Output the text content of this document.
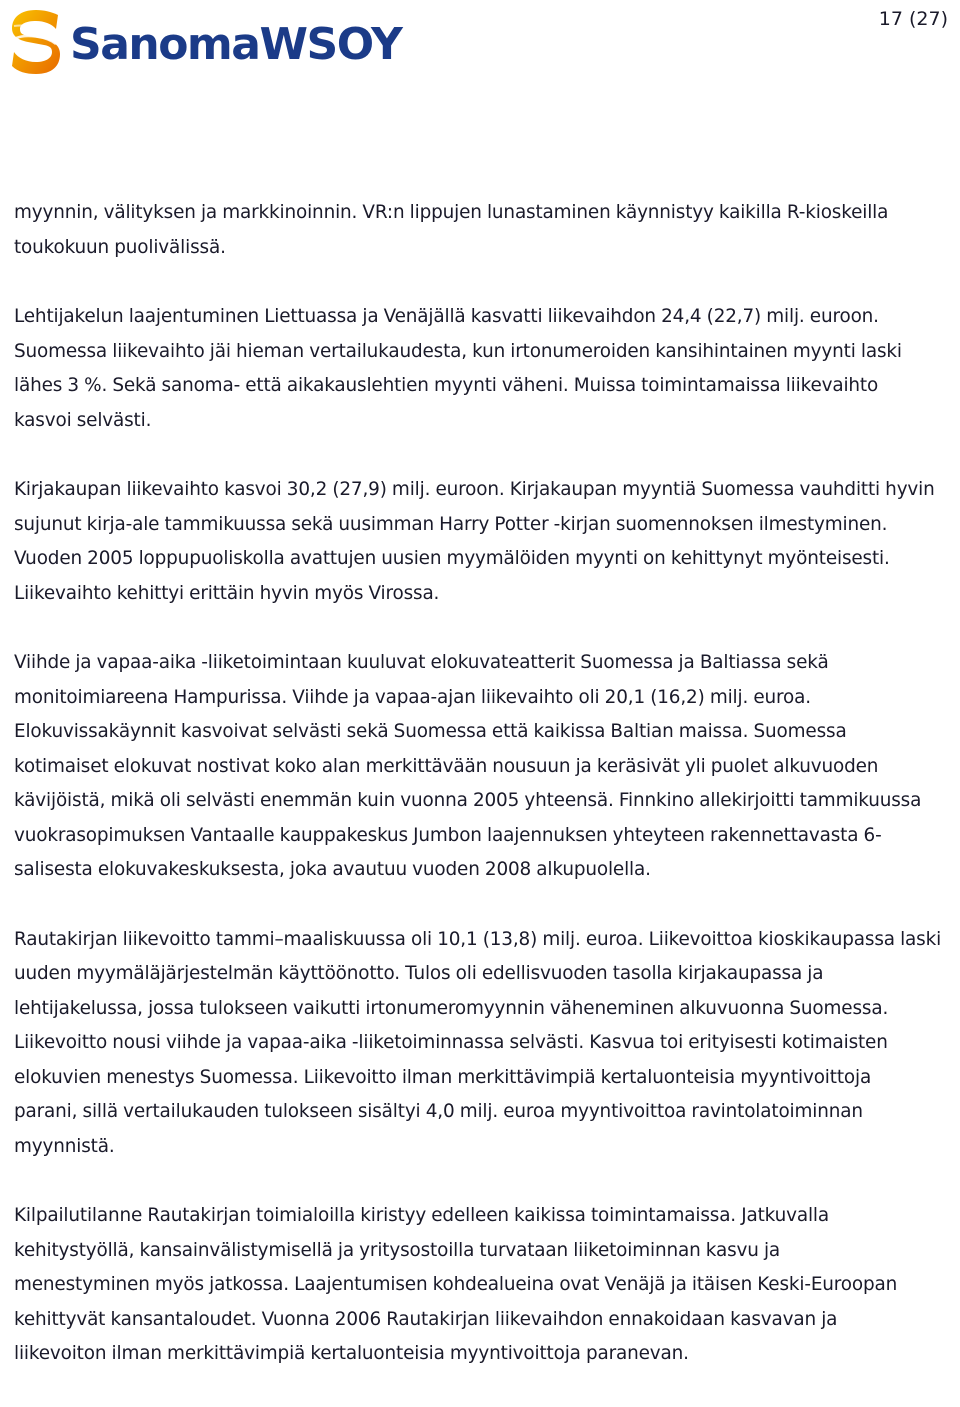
SanomaWSOY	17 (27)

myynnin, välityksen ja markkinoinnin. VR:n lippujen lunastaminen käynnistyy kaikilla R-kioskeilla
toukokuun puolivälissä.

Lehtijakelun laajentuminen Liettuassa ja Venäjällä kasvatti liikevaihdon 24,4 (22,7) milj. euroon.
Suomessa liikevaihto jäi hieman vertailukaudesta, kun irtonumeroiden kansihintainen myynti laski
lähes 3 %. Sekä sanoma- että aikakauslehtien myynti väheni. Muissa toimintamaissa liikevaihto
kasvoi selvästi.

Kirjakaupan liikevaihto kasvoi 30,2 (27,9) milj. euroon. Kirjakaupan myyntiä Suomessa vauhditti hyvin
sujunut kirja-ale tammikuussa sekä uusimman Harry Potter -kirjan suomennoksen ilmestyminen.
Vuoden 2005 loppupuoliskolla avattujen uusien myymälöiden myynti on kehittynyt myönteisesti.
Liikevaihto kehittyi erittäin hyvin myös Virossa.

Viihde ja vapaa-aika -liiketoimintaan kuuluvat elokuvateatterit Suomessa ja Baltiassa sekä
monitoimiareena Hampurissa. Viihde ja vapaa-ajan liikevaihto oli 20,1 (16,2) milj. euroa.
Elokuvissakäynnit kasvoivat selvästi sekä Suomessa että kaikissa Baltian maissa. Suomessa
kotimaiset elokuvat nostivat koko alan merkittävään nousuun ja keräsivät yli puolet alkuvuoden
kävijöistä, mikä oli selvästi enemmän kuin vuonna 2005 yhteensä. Finnkino allekirjoitti tammikuussa
vuokrasopimuksen Vantaalle kauppakeskus Jumbon laajennuksen yhteyteen rakennettavasta 6-
salisesta elokuvakeskuksesta, joka avautuu vuoden 2008 alkupuolella.

Rautakirjan liikevoitto tammi–maaliskuussa oli 10,1 (13,8) milj. euroa. Liikevoittoa kioskikaupassa laski
uuden myymäläjärjestelmän käyttöönotto. Tulos oli edellisvuoden tasolla kirjakaupassa ja
lehtijakelussa, jossa tulokseen vaikutti irtonumeromyynnin väheneminen alkuvuonna Suomessa.
Liikevoitto nousi viihde ja vapaa-aika -liiketoiminnassa selvästi. Kasvua toi erityisesti kotimaisten
elokuvien menestys Suomessa. Liikevoitto ilman merkittävimpiä kertaluonteisia myyntivoittoja
parani, sillä vertailukauden tulokseen sisältyi 4,0 milj. euroa myyntivoittoa ravintolatoiminnan
myynnistä.

Kilpailutilanne Rautakirjan toimialoilla kiristyy edelleen kaikissa toimintamaissa. Jatkuvalla
kehitystyöllä, kansainvälistymisellä ja yritysostoilla turvataan liiketoiminnan kasvu ja
menestyminen myös jatkossa. Laajentumisen kohdealueina ovat Venäjä ja itäisen Keski-Euroopan
kehittyvät kansantaloudet. Vuonna 2006 Rautakirjan liikevaihdon ennakoidaan kasvavan ja
liikevoiton ilman merkittävimpiä kertaluonteisia myyntivoittoja paranevan.
